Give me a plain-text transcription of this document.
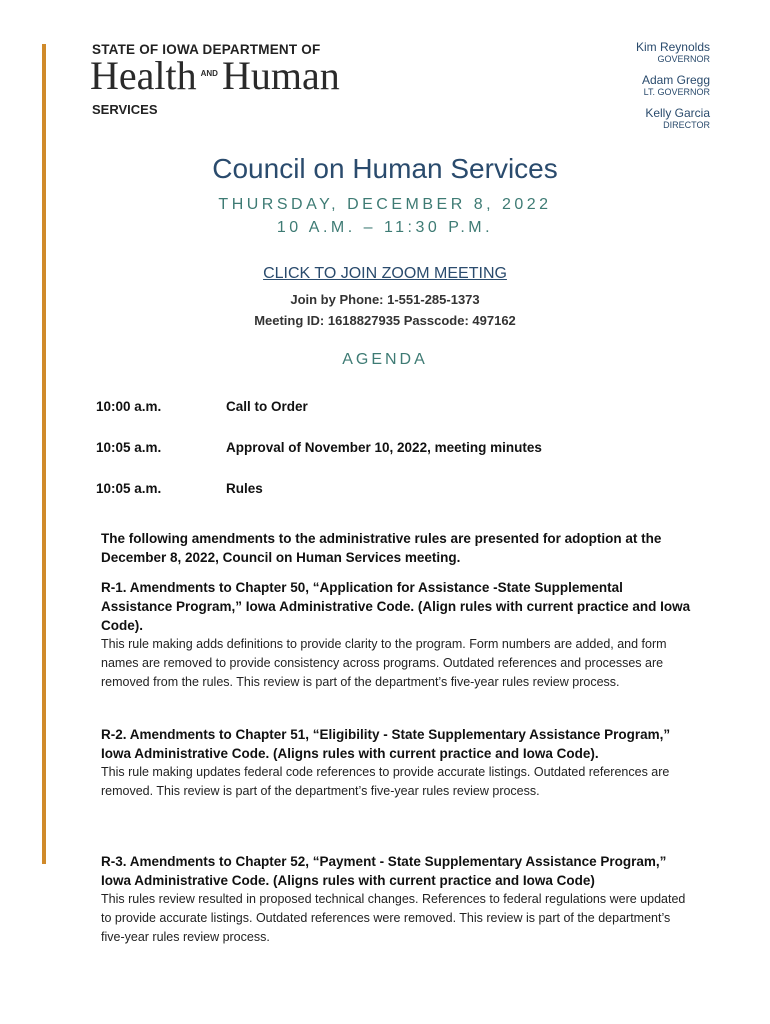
STATE OF IOWA DEPARTMENT OF
Health AND Human
SERVICES
Kim Reynolds
GOVERNOR
Adam Gregg
LT. GOVERNOR
Kelly Garcia
DIRECTOR
Council on Human Services
THURSDAY, DECEMBER 8, 2022
10 A.M. – 11:30 P.M.
CLICK TO JOIN ZOOM MEETING
Join by Phone: 1-551-285-1373
Meeting ID: 1618827935 Passcode: 497162
AGENDA
10:00 a.m.	Call to Order
10:05 a.m.	Approval of November 10, 2022, meeting minutes
10:05 a.m.	Rules
The following amendments to the administrative rules are presented for adoption at the December 8, 2022, Council on Human Services meeting.
R-1. Amendments to Chapter 50, “Application for Assistance -State Supplemental Assistance Program,” Iowa Administrative Code. (Align rules with current practice and Iowa Code).
This rule making adds definitions to provide clarity to the program. Form numbers are added, and form names are removed to provide consistency across programs. Outdated references and processes are removed from the rules. This review is part of the department’s five-year rules review process.
R-2. Amendments to Chapter 51, “Eligibility - State Supplementary Assistance Program,” Iowa Administrative Code. (Aligns rules with current practice and Iowa Code).
This rule making updates federal code references to provide accurate listings. Outdated references are removed. This review is part of the department’s five-year rules review process.
R-3. Amendments to Chapter 52, “Payment - State Supplementary Assistance Program,” Iowa Administrative Code. (Aligns rules with current practice and Iowa Code)
This rules review resulted in proposed technical changes. References to federal regulations were updated to provide accurate listings. Outdated references were removed. This review is part of the department’s five-year rules review process.
